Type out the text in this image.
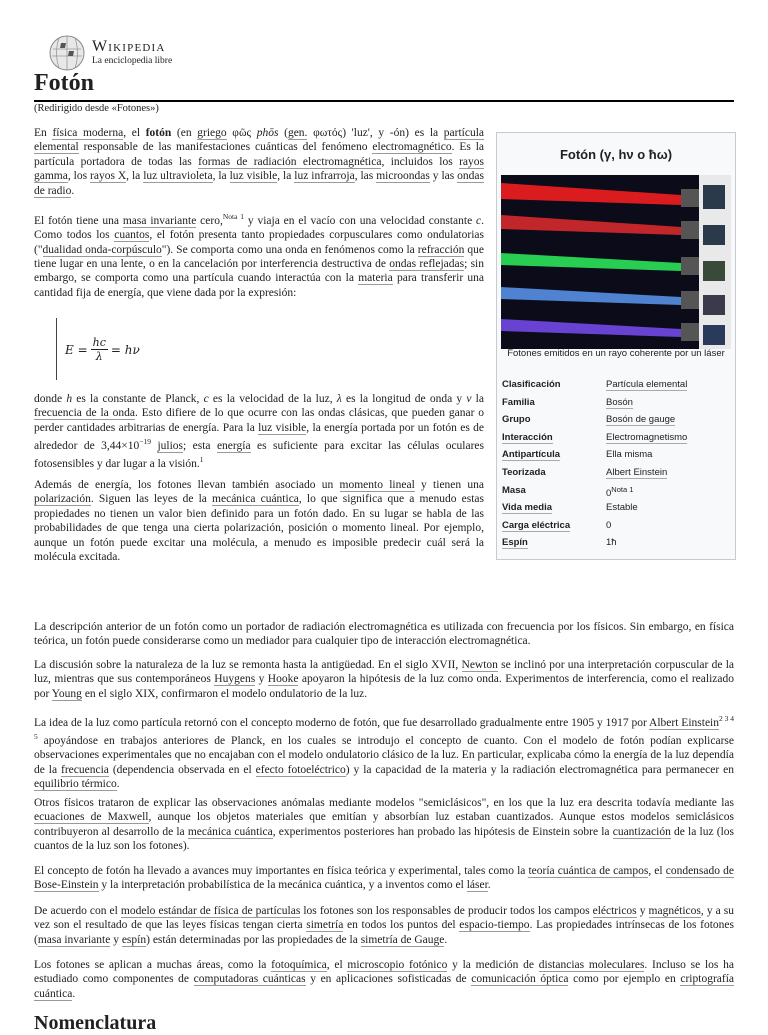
Wikipedia
La enciclopedia libre
Fotón
(Redirigido desde «Fotones»)

En física moderna, el fotón (en griego φῶς phōs (gen. φωτός) 'luz', y -ón) es la partícula elemental responsable de las manifestaciones cuánticas del fenómeno electromagnético. Es la partícula portadora de todas las formas de radiación electromagnética, incluidos los rayos gamma, los rayos X, la luz ultravioleta, la luz visible, la luz infrarroja, las microondas y las ondas de radio.

El fotón tiene una masa invariante cero,$^{Nota 1}$ y viaja en el vacío con una velocidad constante c. Como todos los cuantos, el fotón presenta tanto propiedades corpusculares como ondulatorias ("dualidad onda-corpúsculo"). Se comporta como una onda en fenómenos como la refracción que tiene lugar en una lente, o en la cancelación por interferencia destructiva de ondas reflejadas; sin embargo, se comporta como una partícula cuando interactúa con la materia para transferir una cantidad fija de energía, que viene dada por la expresión:

$E = \frac{hc}{\lambda} = h\nu$

donde h es la constante de Planck, c es la velocidad de la luz, λ es la longitud de onda y ν la frecuencia de la onda. Esto difiere de lo que ocurre con las ondas clásicas, que pueden ganar o perder cantidades arbitrarias de energía. Para la luz visible, la energía portada por un fotón es de alrededor de $3,44\times 10^{-19}$ julios; esta energía es suficiente para excitar las células oculares fotosensibles y dar lugar a la visión.$^1$

Además de energía, los fotones llevan también asociado un momento lineal y tienen una polarización. Siguen las leyes de la mecánica cuántica, lo que significa que a menudo estas propiedades no tienen un valor bien definido para un fotón dado. En su lugar se habla de las probabilidades de que tenga una cierta polarización, posición o momento lineal. Por ejemplo, aunque un fotón puede excitar una molécula, a menudo es imposible predecir cuál será la molécula excitada.

La descripción anterior de un fotón como un portador de radiación electromagnética es utilizada con frecuencia por los físicos. Sin embargo, en física teórica, un fotón puede considerarse como un mediador para cualquier tipo de interacción electromagnética.

La discusión sobre la naturaleza de la luz se remonta hasta la antigüedad. En el siglo XVII, Newton se inclinó por una interpretación corpuscular de la luz, mientras que sus contemporáneos Huygens y Hooke apoyaron la hipótesis de la luz como onda. Experimentos de interferencia, como el realizado por Young en el siglo XIX, confirmaron el modelo ondulatorio de la luz.

La idea de la luz como partícula retornó con el concepto moderno de fotón, que fue desarrollado gradualmente entre 1905 y 1917 por Albert Einstein$^{2 3 4 5}$ apoyándose en trabajos anteriores de Planck, en los cuales se introdujo el concepto de cuanto. Con el modelo de fotón podían explicarse observaciones experimentales que no encajaban con el modelo ondulatorio clásico de la luz. En particular, explicaba cómo la energía de la luz dependía de la frecuencia (dependencia observada en el efecto fotoeléctrico) y la capacidad de la materia y la radiación electromagnética para permanecer en equilibrio térmico.

Otros físicos trataron de explicar las observaciones anómalas mediante modelos "semiclásicos", en los que la luz era descrita todavía mediante las ecuaciones de Maxwell, aunque los objetos materiales que emitían y absorbían luz estaban cuantizados. Aunque estos modelos semiclásicos contribuyeron al desarrollo de la mecánica cuántica, experimentos posteriores han probado las hipótesis de Einstein sobre la cuantización de la luz (los cuantos de la luz son los fotones).

El concepto de fotón ha llevado a avances muy importantes en física teórica y experimental, tales como la teoría cuántica de campos, el condensado de Bose-Einstein y la interpretación probabilística de la mecánica cuántica, y a inventos como el láser.

De acuerdo con el modelo estándar de física de partículas los fotones son los responsables de producir todos los campos eléctricos y magnéticos, y a su vez son el resultado de que las leyes físicas tengan cierta simetría en todos los puntos del espacio-tiempo. Las propiedades intrínsecas de los fotones (masa invariante y espín) están determinadas por las propiedades de la simetría de Gauge.

Los fotones se aplican a muchas áreas, como la fotoquímica, el microscopio fotónico y la medición de distancias moleculares. Incluso se los ha estudiado como componentes de computadoras cuánticas y en aplicaciones sofisticadas de comunicación óptica como por ejemplo en criptografía cuántica.

Nomenclatura
Fotón (γ, hν o ħω)
Fotones emitidos en un rayo coherente por un láser
Clasificación	Partícula elemental
Familia	Bosón
Grupo	Bosón de gauge
Interacción	Electromagnetismo
Antipartícula	Ella misma
Teorizada	Albert Einstein
Masa	$0^{Nota 1}$
Vida media	Estable
Carga eléctrica	0
Espín	1ħ
